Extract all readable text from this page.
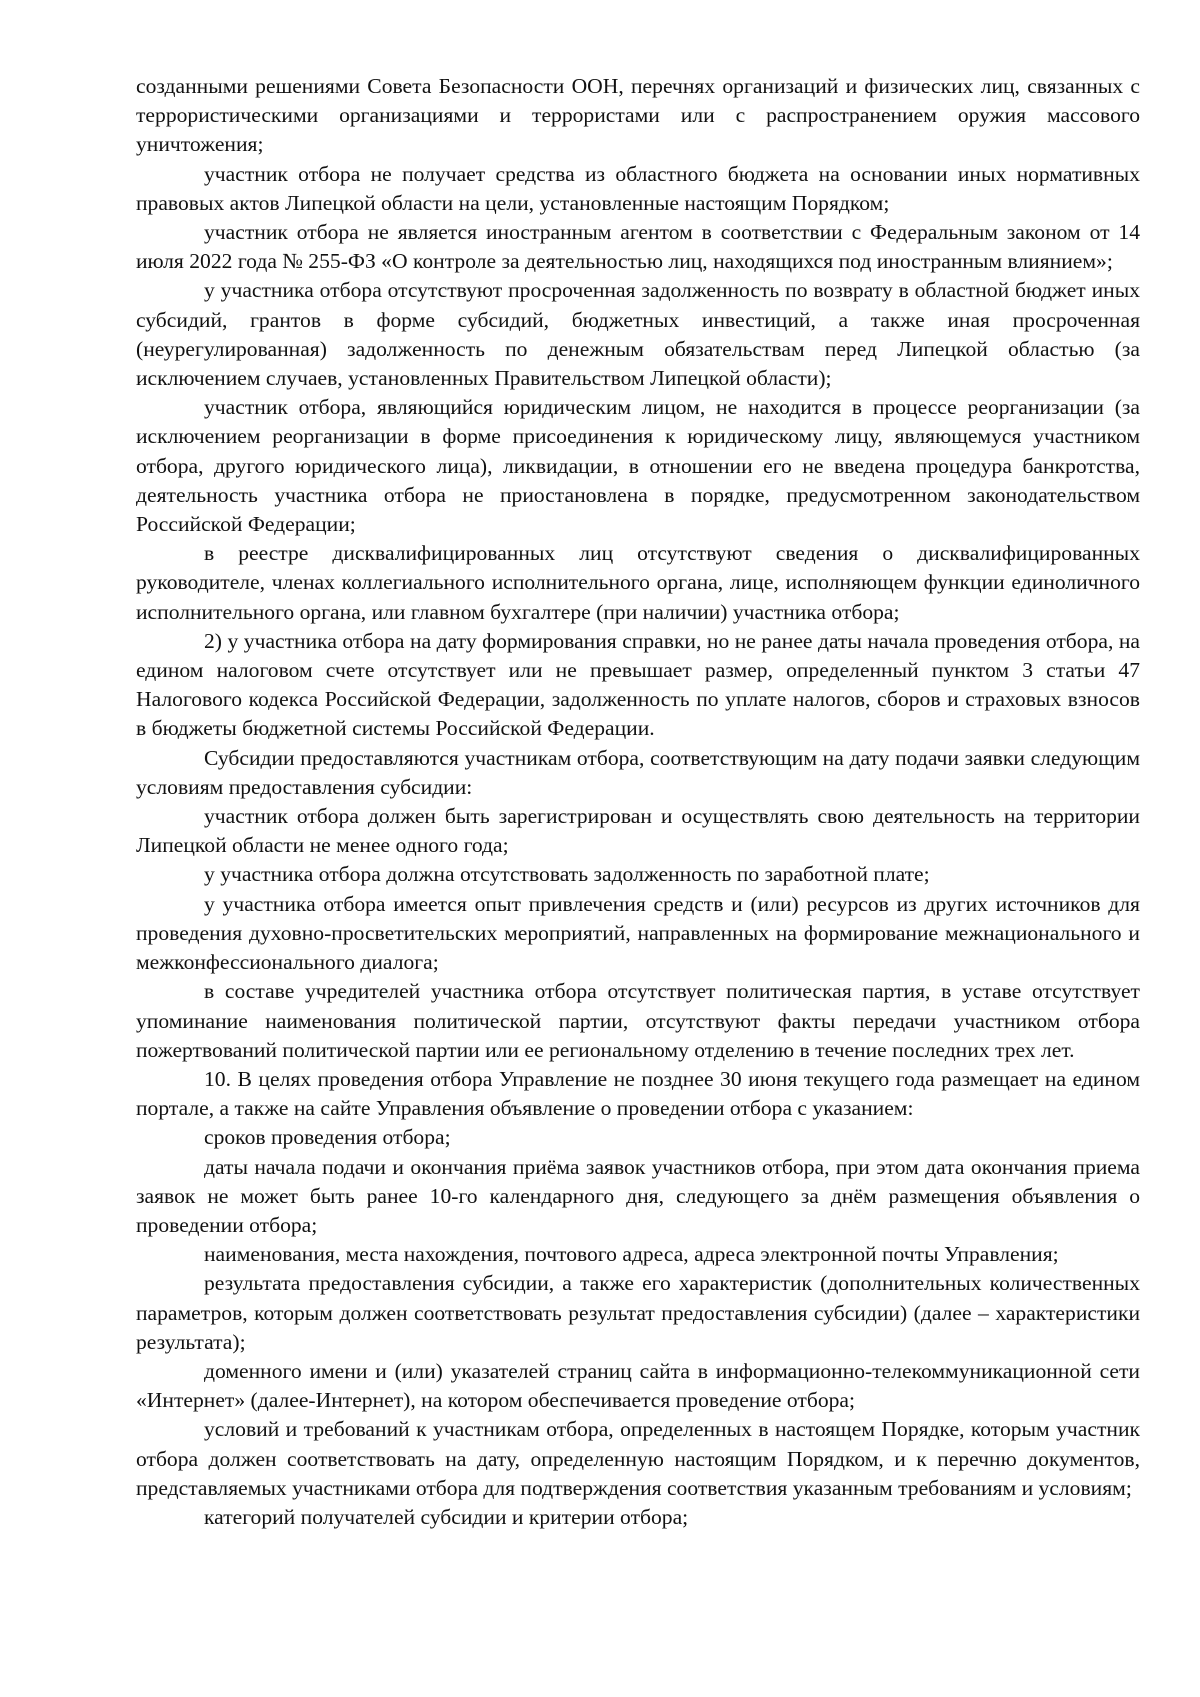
созданными решениями Совета Безопасности ООН, перечнях организаций и физических лиц, связанных с террористическими организациями и террористами или с распространением оружия массового уничтожения;

участник отбора не получает средства из областного бюджета на основании иных нормативных правовых актов Липецкой области на цели, установленные настоящим Порядком;

участник отбора не является иностранным агентом в соответствии с Федеральным законом от 14 июля 2022 года № 255-ФЗ «О контроле за деятельностью лиц, находящихся под иностранным влиянием»;

у участника отбора отсутствуют просроченная задолженность по возврату в областной бюджет иных субсидий, грантов в форме субсидий, бюджетных инвестиций, а также иная просроченная (неурегулированная) задолженность по денежным обязательствам перед Липецкой областью (за исключением случаев, установленных Правительством Липецкой области);

участник отбора, являющийся юридическим лицом, не находится в процессе реорганизации (за исключением реорганизации в форме присоединения к юридическому лицу, являющемуся участником отбора, другого юридического лица), ликвидации, в отношении его не введена процедура банкротства, деятельность участника отбора не приостановлена в порядке, предусмотренном законодательством Российской Федерации;

в реестре дисквалифицированных лиц отсутствуют сведения о дисквалифицированных руководителе, членах коллегиального исполнительного органа, лице, исполняющем функции единоличного исполнительного органа, или главном бухгалтере (при наличии) участника отбора;

2) у участника отбора на дату формирования справки, но не ранее даты начала проведения отбора, на едином налоговом счете отсутствует или не превышает размер, определенный пунктом 3 статьи 47 Налогового кодекса Российской Федерации, задолженность по уплате налогов, сборов и страховых взносов в бюджеты бюджетной системы Российской Федерации.

Субсидии предоставляются участникам отбора, соответствующим на дату подачи заявки следующим условиям предоставления субсидии:

участник отбора должен быть зарегистрирован и осуществлять свою деятельность на территории Липецкой области не менее одного года;

у участника отбора должна отсутствовать задолженность по заработной плате;

у участника отбора имеется опыт привлечения средств и (или) ресурсов из других источников для проведения духовно-просветительских мероприятий, направленных на формирование межнационального и межконфессионального диалога;

в составе учредителей участника отбора отсутствует политическая партия, в уставе отсутствует упоминание наименования политической партии, отсутствуют факты передачи участником отбора пожертвований политической партии или ее региональному отделению в течение последних трех лет.

10. В целях проведения отбора Управление не позднее 30 июня текущего года размещает на едином портале, а также на сайте Управления объявление о проведении отбора с указанием:

сроков проведения отбора;

даты начала подачи и окончания приёма заявок участников отбора, при этом дата окончания приема заявок не может быть ранее 10-го календарного дня, следующего за днём размещения объявления о проведении отбора;

наименования, места нахождения, почтового адреса, адреса электронной почты Управления;

результата предоставления субсидии, а также его характеристик (дополнительных количественных параметров, которым должен соответствовать результат предоставления субсидии) (далее – характеристики результата);

доменного имени и (или) указателей страниц сайта в информационно-телекоммуникационной сети «Интернет» (далее-Интернет), на котором обеспечивается проведение отбора;

условий и требований к участникам отбора, определенных в настоящем Порядке, которым участник отбора должен соответствовать на дату, определенную настоящим Порядком, и к перечню документов, представляемых участниками отбора для подтверждения соответствия указанным требованиям и условиям;

категорий получателей субсидии и критерии отбора;
